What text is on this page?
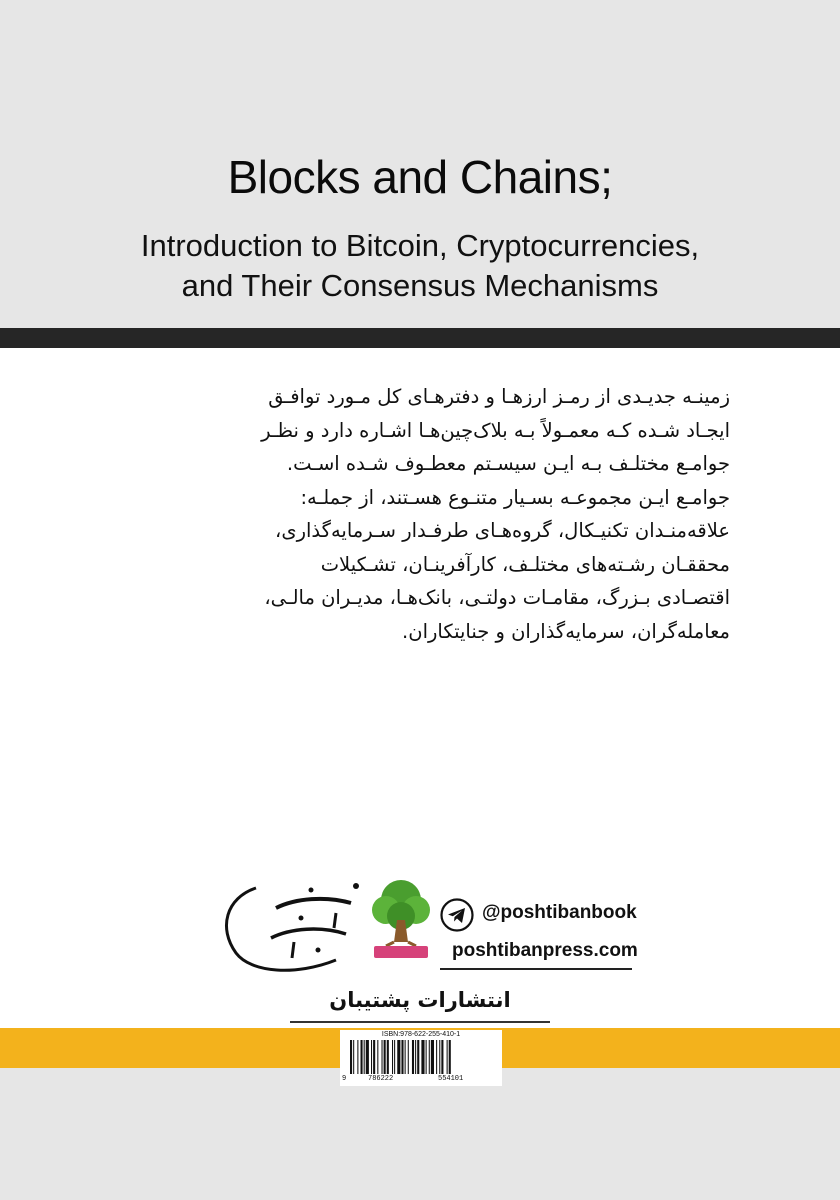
Blocks and Chains;
Introduction to Bitcoin, Cryptocurrencies,
and Their Consensus Mechanisms
زمینـه جدیـدی از رمـز ارزهـا و دفترهـای کل مـورد توافـق
ایجـاد شـده کـه معمـولاً بـه بلاک‌چین‌هـا اشـاره دارد و نظـر
جوامـع مختلـف بـه ایـن سیسـتم معطـوف شـده اسـت.
جوامـع ایـن مجموعـه بسـیار متنـوع هسـتند، از جملـه:
علاقه‌منـدان تکنیـکال، گروه‌هـای طرفـدار سـرمایه‌گذاری،
محققـان رشـته‌های مختلـف، کارآفرینـان، تشـکیلات
اقتصـادی بـزرگ، مقامـات دولتـی، بانک‌هـا، مدیـران مالـی،
معامله‌گران، سرمایه‌گذاران و جنایتکاران.
@poshtibanbook
poshtibanpress.com
انتشارات پشتیبان
ISBN:978-622-255-410-1
9	786222	554101
